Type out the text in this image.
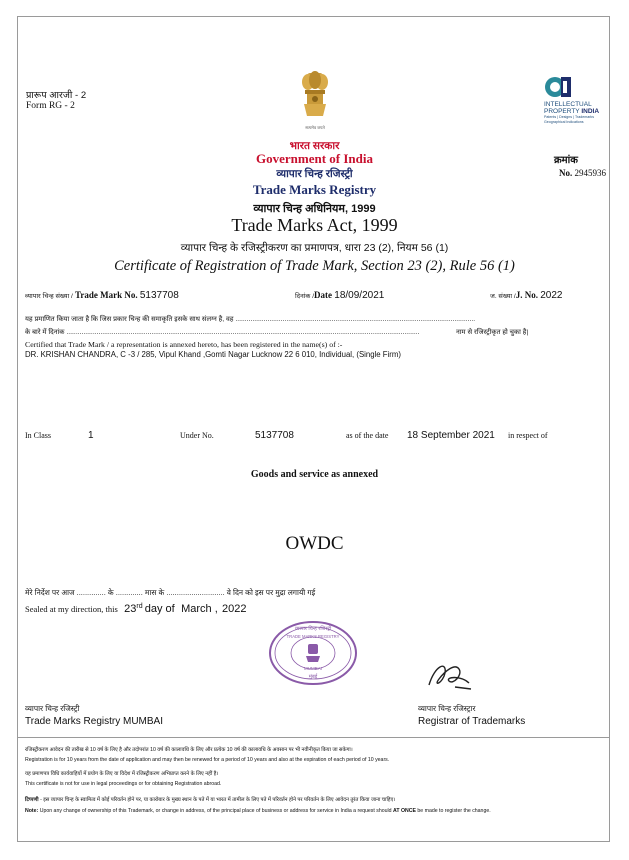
प्रारूप आरजी - 2
Form RG - 2
सत्यमेव जयते
INTELLECTUAL
PROPERTY INDIA
Patents | Designs | Trademarks
Geographical Indications
भारत सरकार
Government of India
व्यापार चिन्ह रजिस्ट्री
Trade Marks Registry
व्यापार चिन्ह अधिनियम, 1999
Trade Marks Act, 1999
व्यापार चिन्ह के रजिस्ट्रीकरण का प्रमाणपत्र, धारा 23 (2), नियम 56 (1)
Certificate of Registration of Trade Mark, Section 23 (2), Rule 56 (1)
क्रमांक
No. 2945936
व्यापार चिन्ह संख्या / Trade Mark No. 5137708	दिनांक /Date 18/09/2021	ज. संख्या /J. No. 2022
यह प्रमाणित किया जाता है कि जिस प्रकार चिन्ह की समाकृति इसके साथ संलग्न है, वह ...............................................................................................................................
के बारे में दिनांक ...........................................................................................................................................................................................	नाम से रजिस्ट्रीकृत हो चुका है|
Certified that Trade Mark / a representation is annexed hereto, has been registered in the name(s) of :-
DR. KRISHAN CHANDRA, C -3 / 285, Vipul Khand ,Gomti Nagar Lucknow 22 6 010, Individual, (Single Firm)
In Class	1	Under No.	5137708	as of the date 18 September 2021 in respect of
Goods and service as annexed
OWDC
मेरे निर्देश पर आज .............. के ............. मास के ............................ वे दिन को इस पर मुद्रा लगायी गई
Sealed at my direction, this 23rd day of March , 2022
व्यापार चिन्ह रजिस्ट्री
TRADE MARKS REGISTRY
MUMBAI
मुंबई
व्यापार चिन्ह रजिस्ट्री
Trade Marks Registry MUMBAI
व्यापार चिन्ह रजिस्ट्रार
Registrar of Trademarks
रजिस्ट्रीकरण आवेदन की तारीख से 10 वर्ष के लिए है और तदोपरांत 10 वर्ष की कालावधि के लिए और प्रत्येक 10 वर्ष की कालावधि के अवसान पर भी नवीनीकृत किया जा सकेगा।
Registration is for 10 years from the date of application and may then be renewed for a period of 10 years and also at the expiration of each period of 10 years.
यह प्रमाणपत्र विधि कार्यवाहियों में प्रयोग के लिए या विदेश में रजिस्ट्रीकरण अभिप्राप्त करने के लिए नहीं है।
This certificate is not for use in legal proceedings or for obtaining Registration abroad.
टिप्पणी - इस व्यापार चिन्ह के स्वामित्व में कोई परिवर्तन होने पर, या कारोबार के मुख्य स्थान के पते में या भारत में तामील के लिए पते में परिवर्तन होने पर परिवर्तन के लिए आवेदन तुरंत किया जाना चाहिए।
Note: Upon any change of ownership of this Trademark, or change in address, of the principal place of business or address for service in India a request should AT ONCE be made to register the change.
